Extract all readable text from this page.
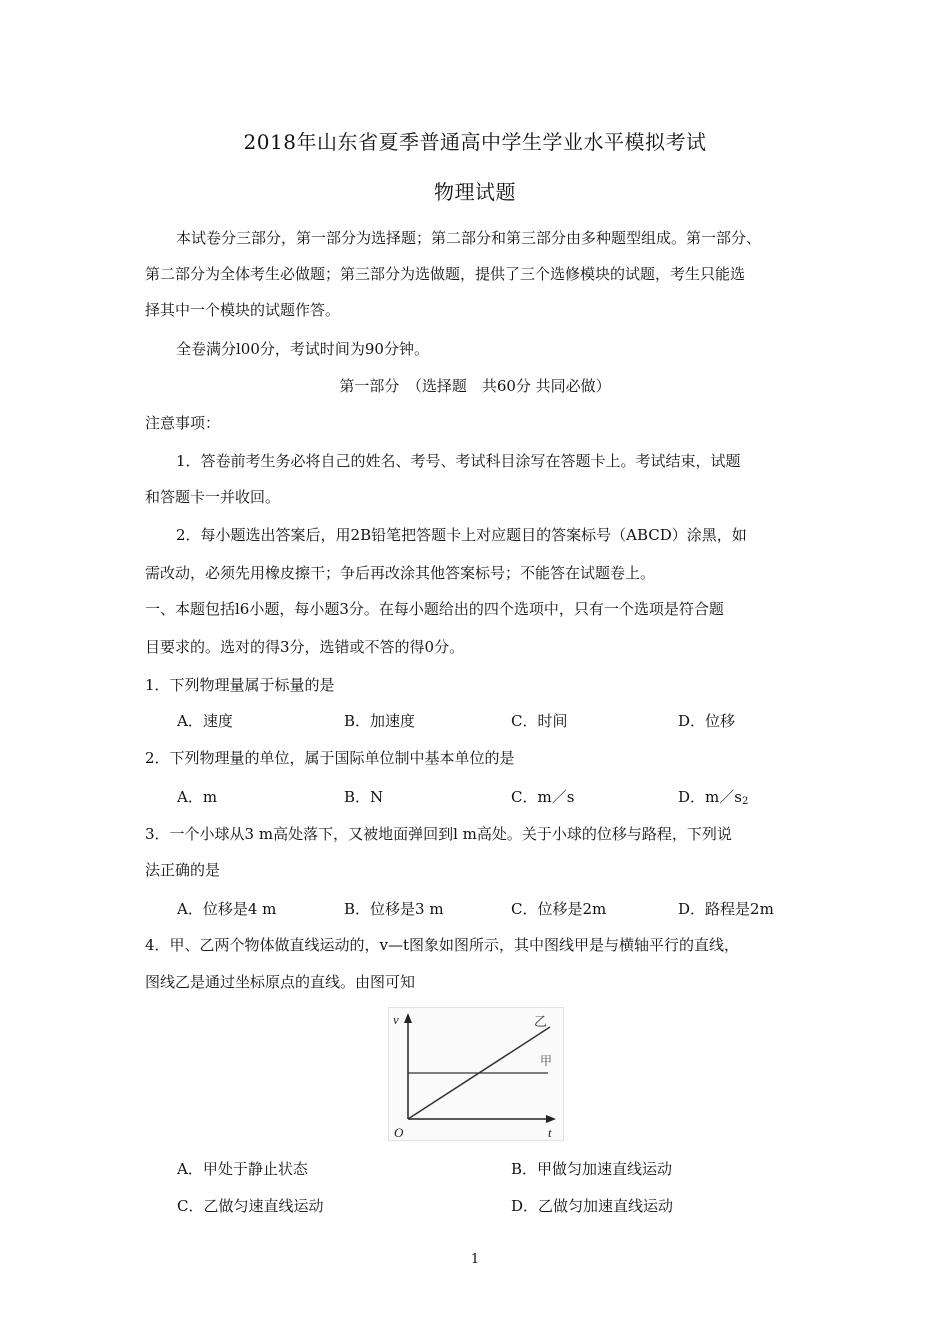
2018年山东省夏季普通高中学生学业水平模拟考试
物理试题
本试卷分三部分，第一部分为选择题；第二部分和第三部分由多种题型组成。第一部分、
第二部分为全体考生必做题；第三部分为选做题，提供了三个选修模块的试题，考生只能选
择其中一个模块的试题作答。
全卷满分l00分，考试时间为90分钟。
第一部分　（选择题　共60分 共同必做）
注意事项：
1．答卷前考生务必将自己的姓名、考号、考试科目涂写在答题卡上。考试结束，试题
和答题卡一并收回。
2．每小题选出答案后，用2B铅笔把答题卡上对应题目的答案标号（ABCD）涂黑，如
需改动，必须先用橡皮擦干；争后再改涂其他答案标号；不能答在试题卷上。
一、本题包括l6小题，每小题3分。在每小题给出的四个选项中，只有一个选项是符合题
目要求的。选对的得3分，选错或不答的得0分。
1．下列物理量属于标量的是
A．速度	B．加速度	C．时间	D．位移
2．下列物理量的单位，属于国际单位制中基本单位的是
A．m	B．N	C．m／s	D．$m/s_2$
3．一个小球从3 m高处落下，又被地面弹回到l m高处。关于小球的位移与路程，下列说
法正确的是
A．位移是4 m	B．位移是3 m	C．位移是2m	D．路程是2m
4．甲、乙两个物体做直线运动的，v—t图象如图所示，其中图线甲是与横轴平行的直线，
图线乙是通过坐标原点的直线。由图可知
v
t
O
乙
甲
A．甲处于静止状态	B．甲做匀加速直线运动
C．乙做匀速直线运动	D．乙做匀加速直线运动
1
